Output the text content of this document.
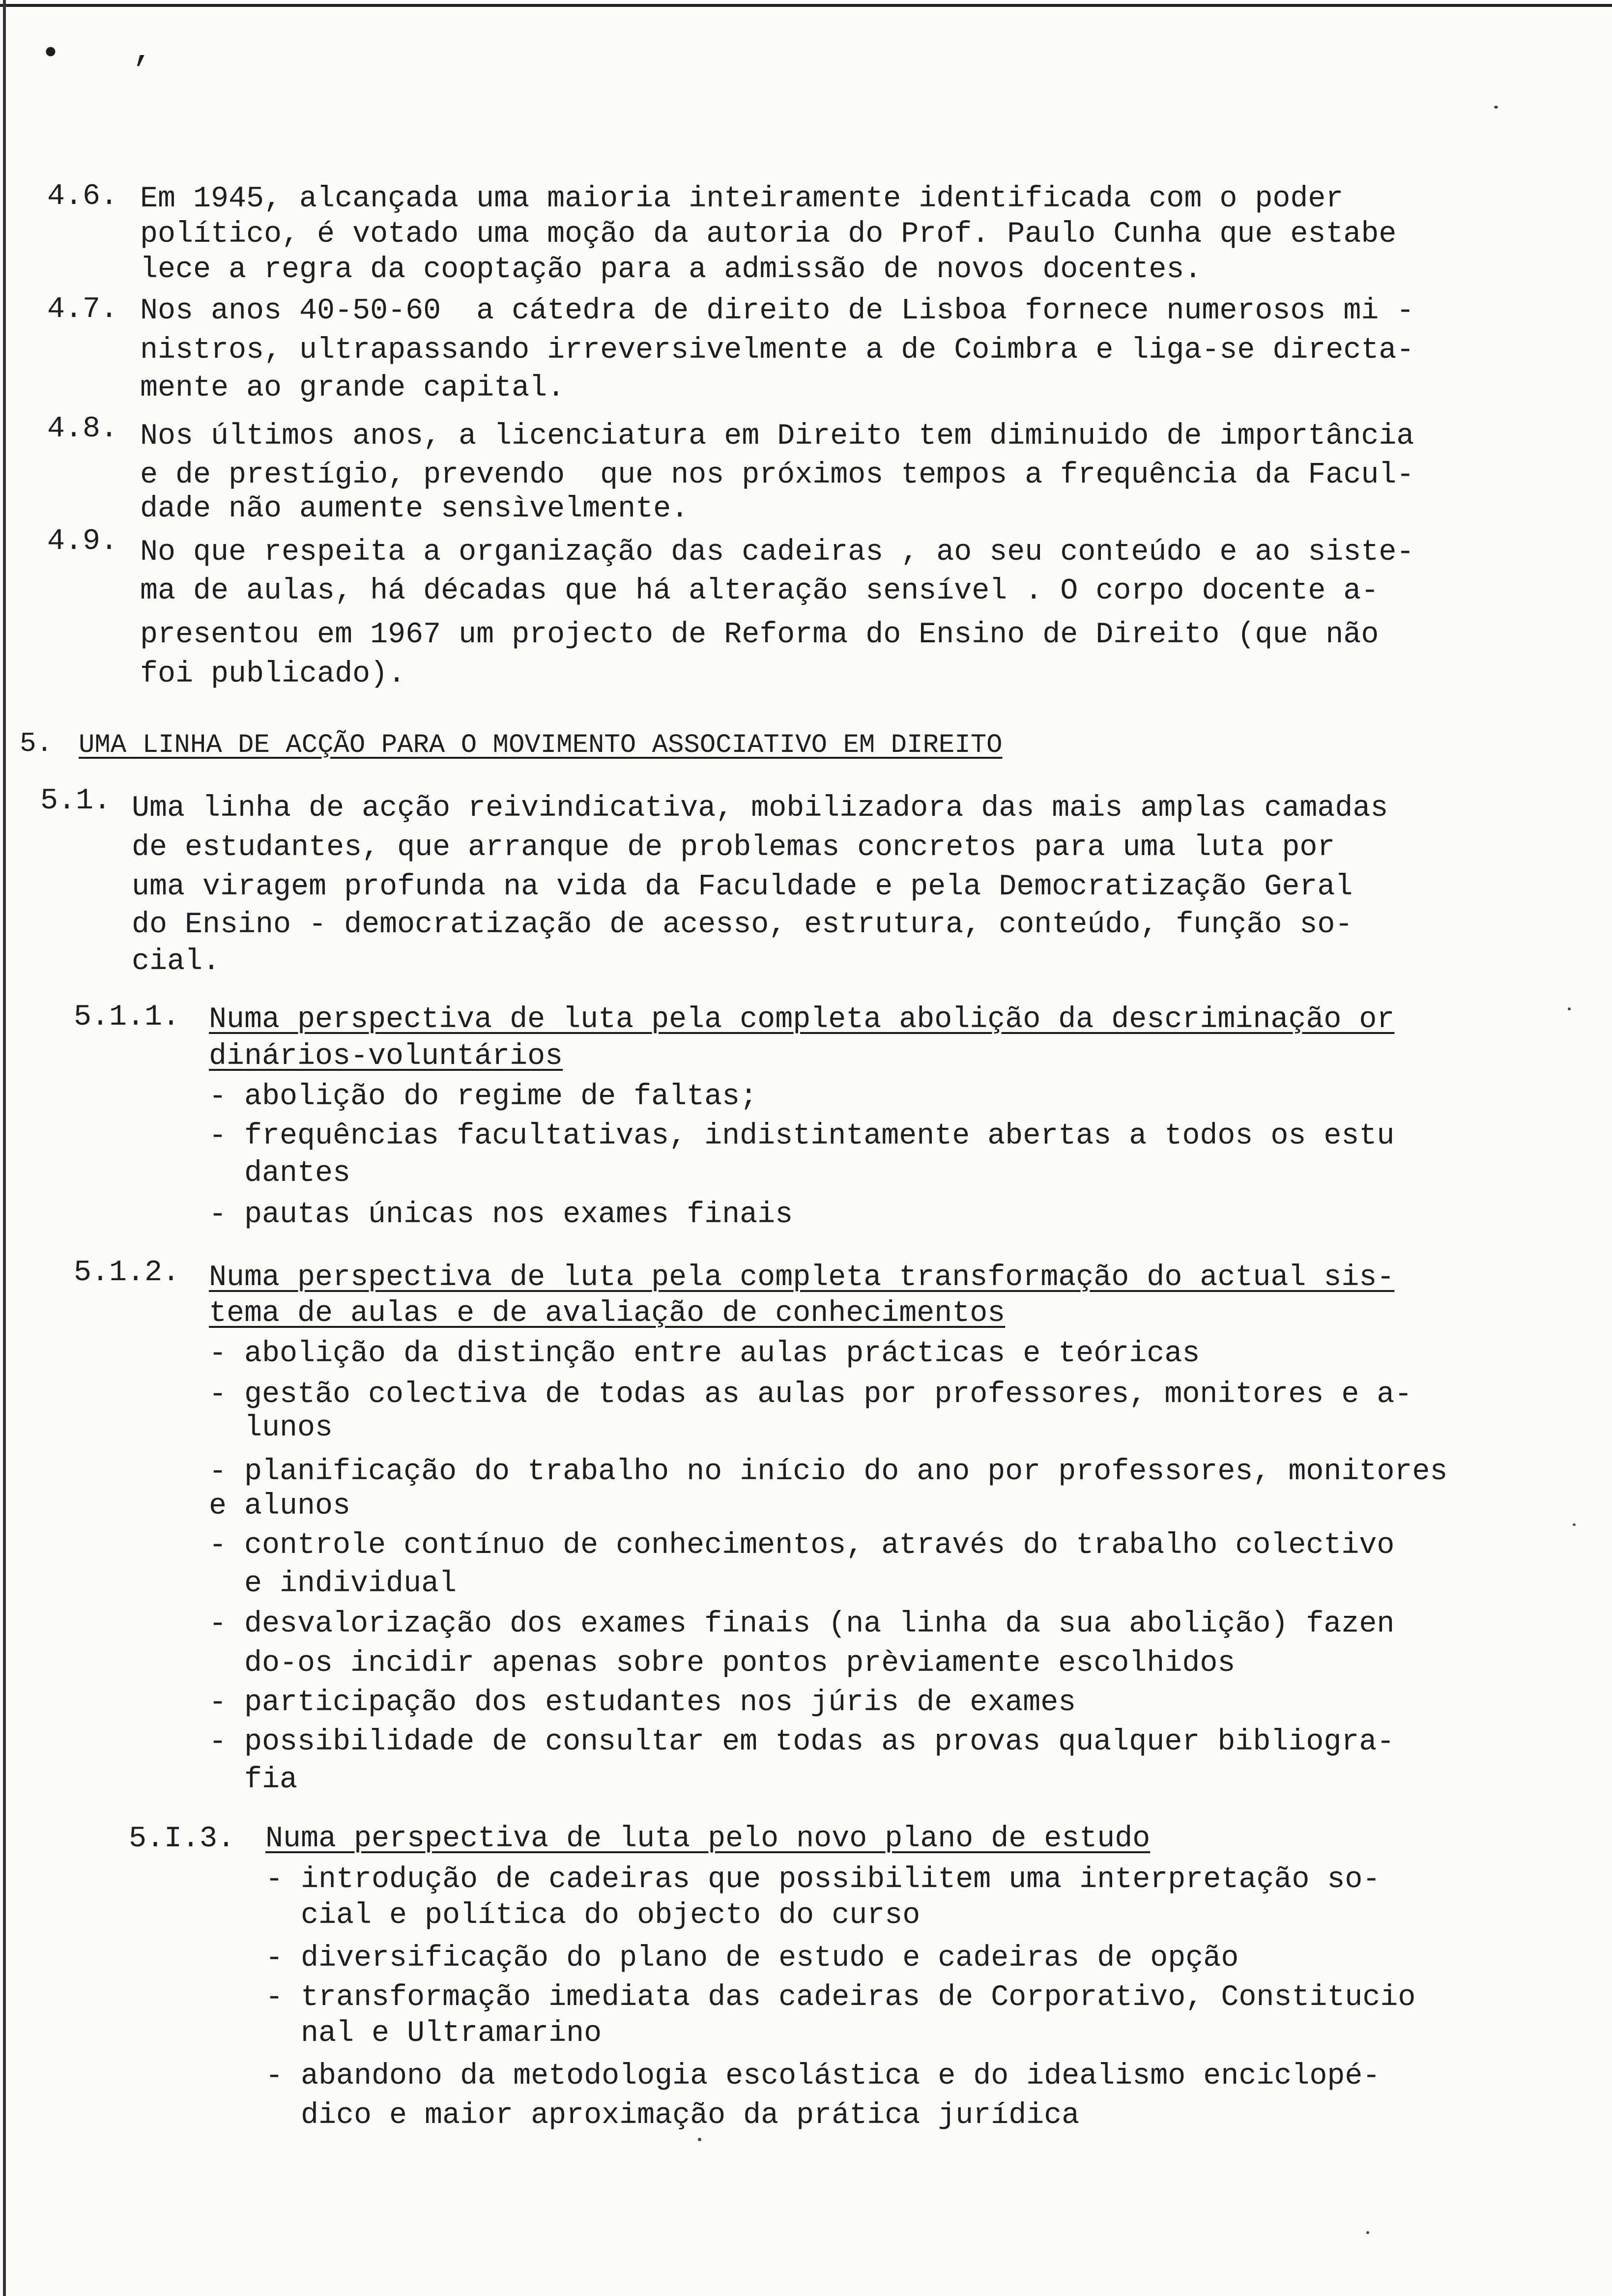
• ,
4.6. Em 1945, alcançada uma maioria inteiramente identificada com o poder
político, é votado uma moção da autoria do Prof. Paulo Cunha que estabe
lece a regra da cooptação para a admissão de novos docentes.
4.7. Nos anos 40-50-60  a cátedra de direito de Lisboa fornece numerosos mi -
nistros, ultrapassando irreversivelmente a de Coimbra e liga-se directa-
mente ao grande capital.
4.8. Nos últimos anos, a licenciatura em Direito tem diminuido de importância
e de prestígio, prevendo  que nos próximos tempos a frequência da Facul-
dade não aumente sensìvelmente.
4.9. No que respeita a organização das cadeiras , ao seu conteúdo e ao siste-
ma de aulas, há décadas que há alteração sensível . O corpo docente a-
presentou em 1967 um projecto de Reforma do Ensino de Direito (que não
foi publicado).
5. UMA LINHA DE ACÇÃO PARA O MOVIMENTO ASSOCIATIVO EM DIREITO
5.1. Uma linha de acção reivindicativa, mobilizadora das mais amplas camadas
de estudantes, que arranque de problemas concretos para uma luta por
uma viragem profunda na vida da Faculdade e pela Democratização Geral
do Ensino - democratização de acesso, estrutura, conteúdo, função so-
cial.
5.1.1. Numa perspectiva de luta pela completa abolição da descriminação or
dinários-voluntários
- abolição do regime de faltas;
- frequências facultativas, indistintamente abertas a todos os estu
dantes
- pautas únicas nos exames finais
5.1.2. Numa perspectiva de luta pela completa transformação do actual sis-
tema de aulas e de avaliação de conhecimentos
- abolição da distinção entre aulas prácticas e teóricas
- gestão colectiva de todas as aulas por professores, monitores e a-
lunos
- planificação do trabalho no início do ano por professores, monitores
e alunos
- controle contínuo de conhecimentos, através do trabalho colectivo
e individual
- desvalorização dos exames finais (na linha da sua abolição) fazen
do-os incidir apenas sobre pontos prèviamente escolhidos
- participação dos estudantes nos júris de exames
- possibilidade de consultar em todas as provas qualquer bibliogra-
fia
5.I.3. Numa perspectiva de luta pelo novo plano de estudo
- introdução de cadeiras que possibilitem uma interpretação so-
cial e política do objecto do curso
- diversificação do plano de estudo e cadeiras de opção
- transformação imediata das cadeiras de Corporativo, Constitucio
nal e Ultramarino
- abandono da metodologia escolástica e do idealismo enciclopé-
dico e maior aproximação da prática jurídica
